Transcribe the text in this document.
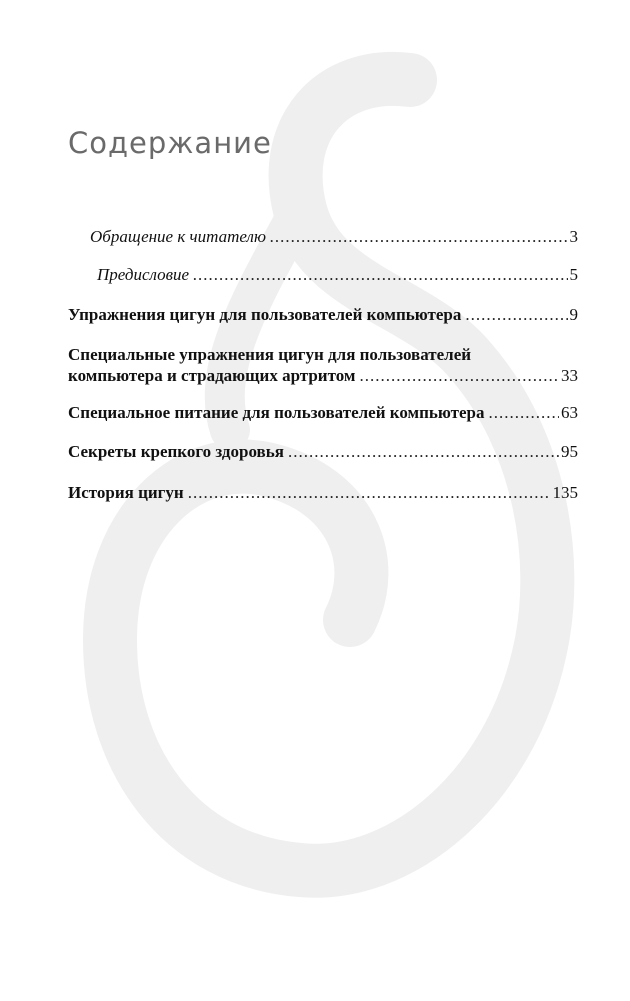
Содержание
Обращение к читателю .....	3
Предисловие .....	5
Упражнения цигун для пользователей компьютера .....	9
Специальные упражнения цигун для пользователей
компьютера и страдающих артритом .....	33
Специальное питание для пользователей компьютера .....	63
Секреты крепкого здоровья .....	95
История цигун .....	135
